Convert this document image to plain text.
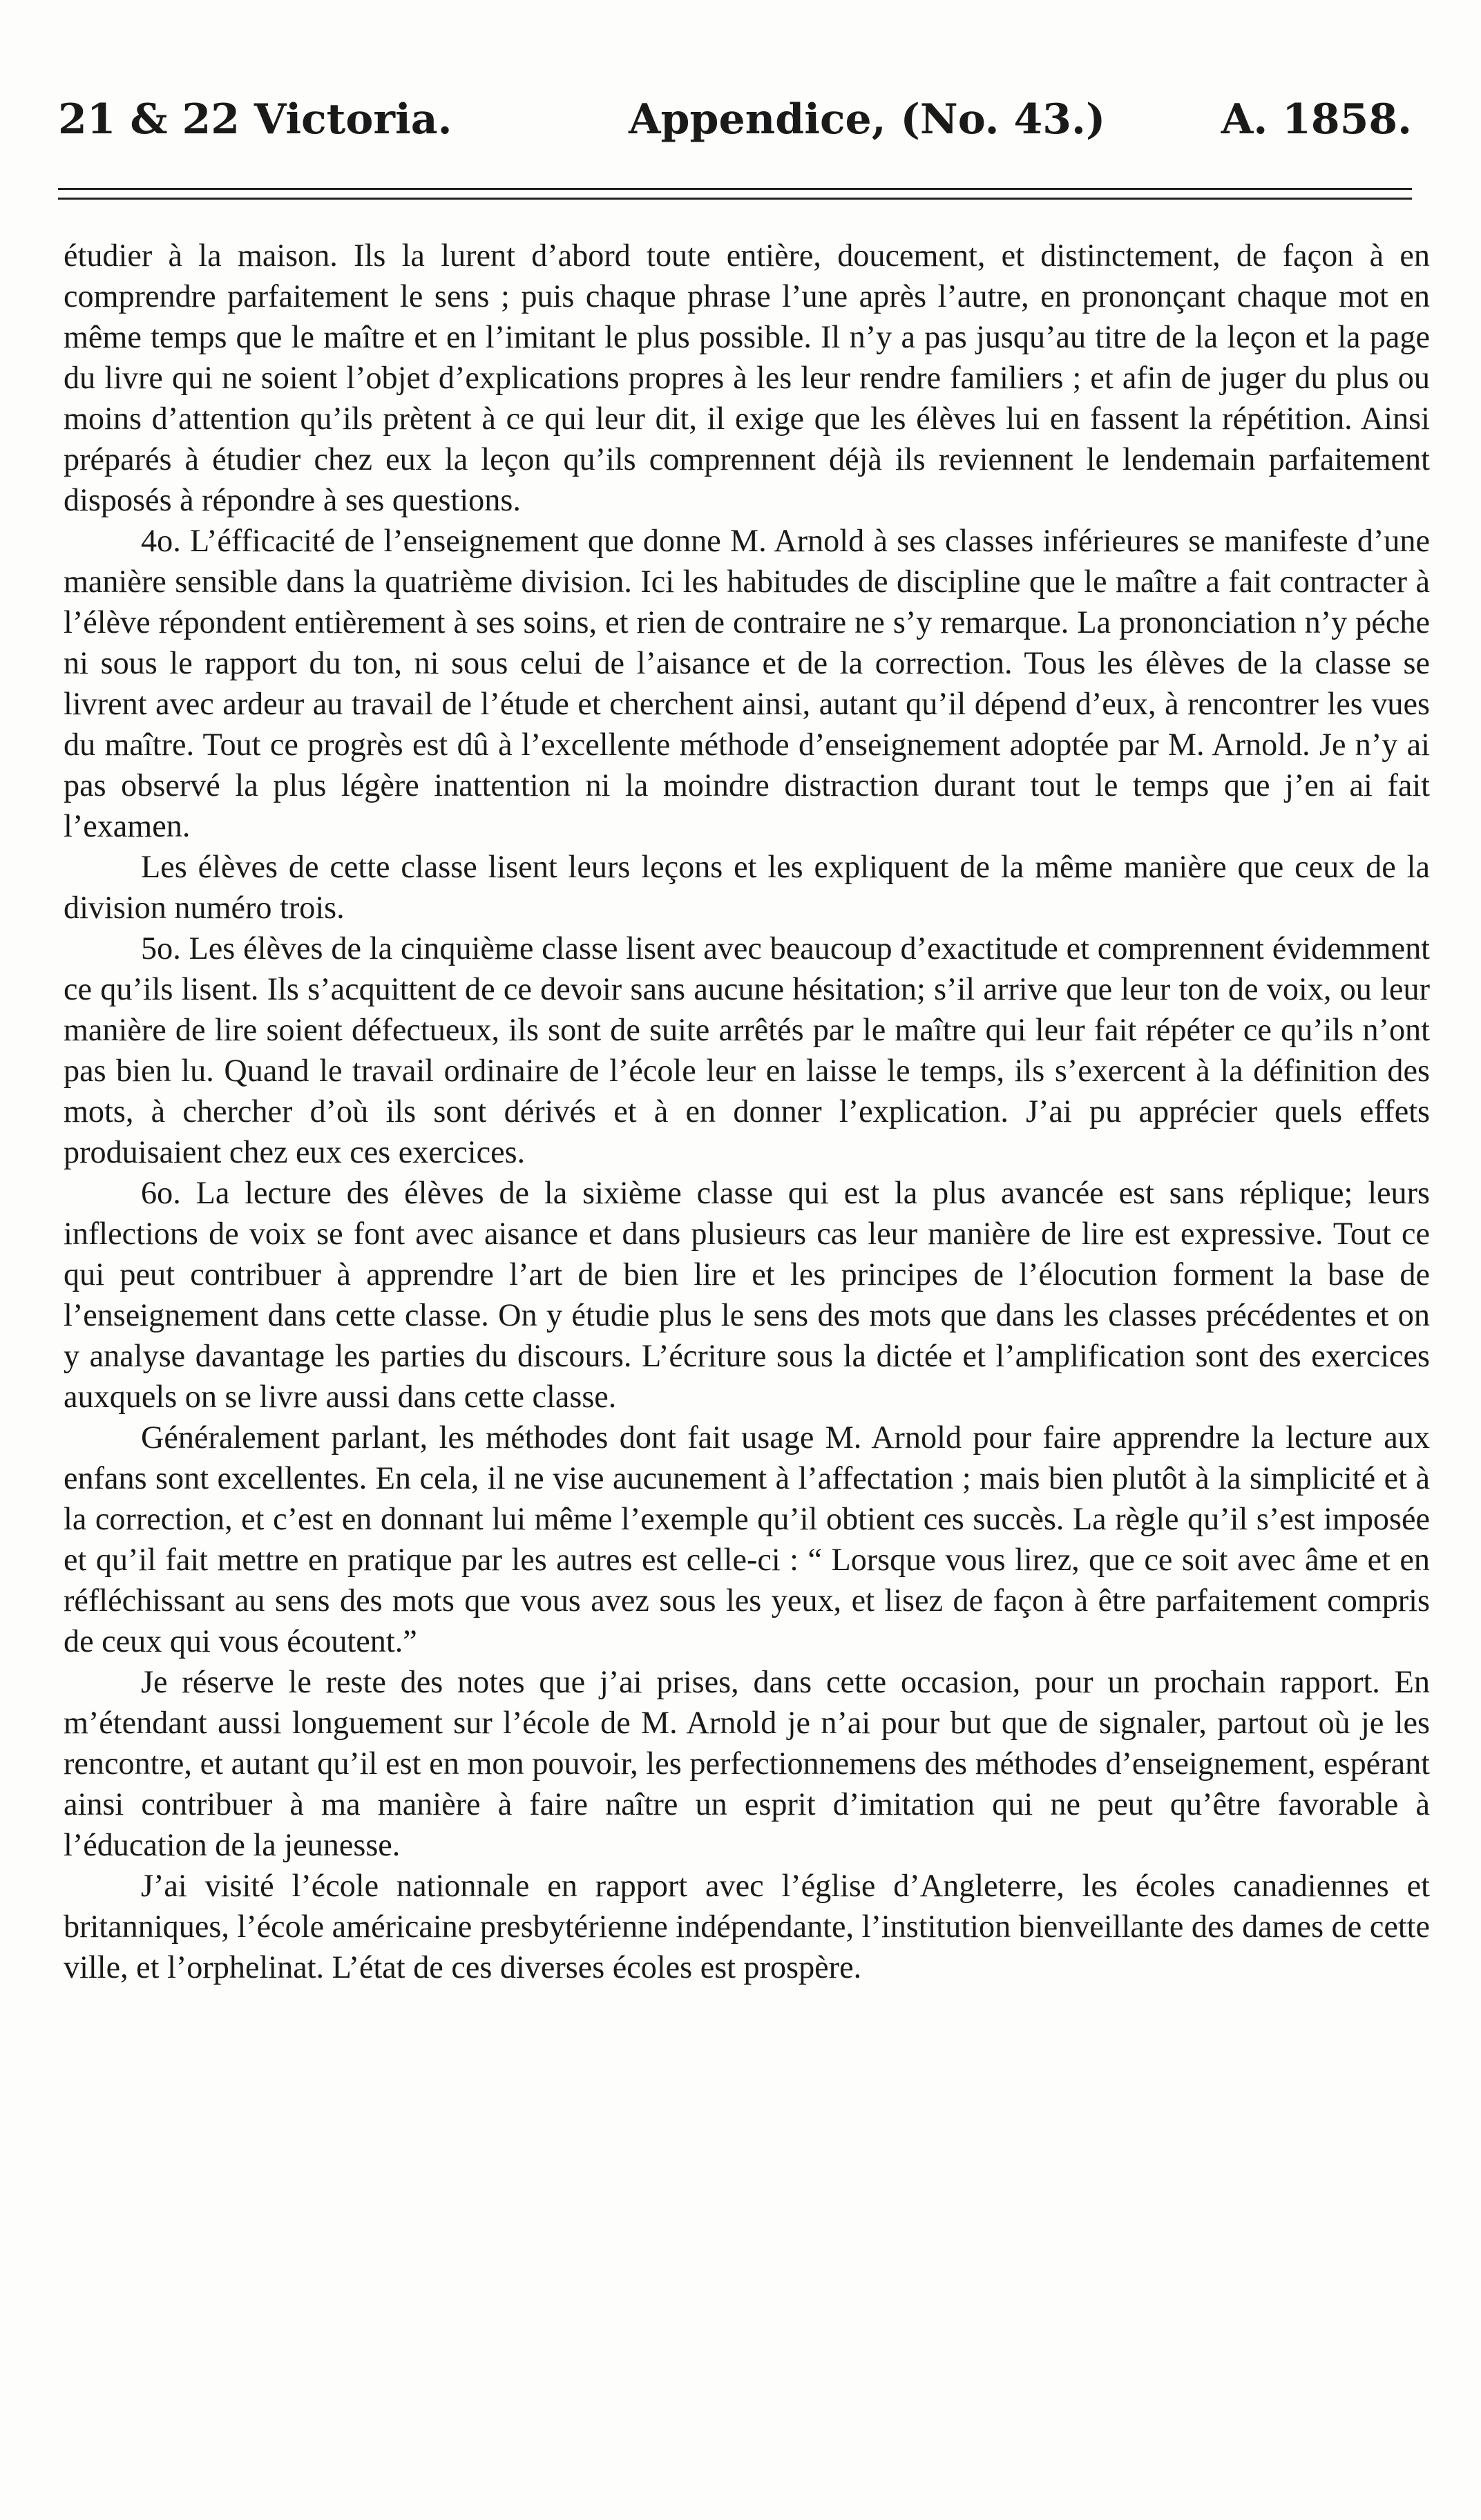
21 & 22 Victoria.	Appendice, (No. 43.)	A. 1858.

étudier à la maison. Ils la lurent d’abord toute entière, doucement, et distinctement, de façon à en comprendre parfaitement le sens ; puis chaque phrase l’une après l’autre, en prononçant chaque mot en même temps que le maître et en l’imitant le plus possible. Il n’y a pas jusqu’au titre de la leçon et la page du livre qui ne soient l’objet d’explications propres à les leur rendre familiers ; et afin de juger du plus ou moins d’attention qu’ils prètent à ce qui leur dit, il exige que les élèves lui en fassent la répétition. Ainsi préparés à étudier chez eux la leçon qu’ils comprennent déjà ils reviennent le lendemain parfaitement disposés à répondre à ses questions.

4o. L’éfficacité de l’enseignement que donne M. Arnold à ses classes inférieures se manifeste d’une manière sensible dans la quatrième division. Ici les habitudes de discipline que le maître a fait contracter à l’élève répondent entièrement à ses soins, et rien de contraire ne s’y remarque. La prononciation n’y péche ni sous le rapport du ton, ni sous celui de l’aisance et de la correction. Tous les élèves de la classe se livrent avec ardeur au travail de l’étude et cherchent ainsi, autant qu’il dépend d’eux, à rencontrer les vues du maître. Tout ce progrès est dû à l’excellente méthode d’enseignement adoptée par M. Arnold. Je n’y ai pas observé la plus légère inattention ni la moindre distraction durant tout le temps que j’en ai fait l’examen.

Les élèves de cette classe lisent leurs leçons et les expliquent de la même manière que ceux de la division numéro trois.

5o. Les élèves de la cinquième classe lisent avec beaucoup d’exactitude et comprennent évidemment ce qu’ils lisent. Ils s’acquittent de ce devoir sans aucune hésitation; s’il arrive que leur ton de voix, ou leur manière de lire soient défectueux, ils sont de suite arrêtés par le maître qui leur fait répéter ce qu’ils n’ont pas bien lu. Quand le travail ordinaire de l’école leur en laisse le temps, ils s’exercent à la définition des mots, à chercher d’où ils sont dérivés et à en donner l’explication. J’ai pu apprécier quels effets produisaient chez eux ces exercices.

6o. La lecture des élèves de la sixième classe qui est la plus avancée est sans réplique; leurs inflections de voix se font avec aisance et dans plusieurs cas leur manière de lire est expressive. Tout ce qui peut contribuer à apprendre l’art de bien lire et les principes de l’élocution forment la base de l’enseignement dans cette classe. On y étudie plus le sens des mots que dans les classes précédentes et on y analyse davantage les parties du discours. L’écriture sous la dictée et l’amplification sont des exercices auxquels on se livre aussi dans cette classe.

Généralement parlant, les méthodes dont fait usage M. Arnold pour faire apprendre la lecture aux enfans sont excellentes. En cela, il ne vise aucunement à l’affectation ; mais bien plutôt à la simplicité et à la correction, et c’est en donnant lui même l’exemple qu’il obtient ces succès. La règle qu’il s’est imposée et qu’il fait mettre en pratique par les autres est celle-ci : “ Lorsque vous lirez, que ce soit avec âme et en réfléchissant au sens des mots que vous avez sous les yeux, et lisez de façon à être parfaitement compris de ceux qui vous écoutent.”

Je réserve le reste des notes que j’ai prises, dans cette occasion, pour un prochain rapport. En m’étendant aussi longuement sur l’école de M. Arnold je n’ai pour but que de signaler, partout où je les rencontre, et autant qu’il est en mon pouvoir, les perfectionnemens des méthodes d’enseignement, espérant ainsi contribuer à ma manière à faire naître un esprit d’imitation qui ne peut qu’être favorable à l’éducation de la jeunesse.

J’ai visité l’école nationnale en rapport avec l’église d’Angleterre, les écoles canadiennes et britanniques, l’école américaine presbytérienne indépendante, l’institution bienveillante des dames de cette ville, et l’orphelinat. L’état de ces diverses écoles est prospère.
